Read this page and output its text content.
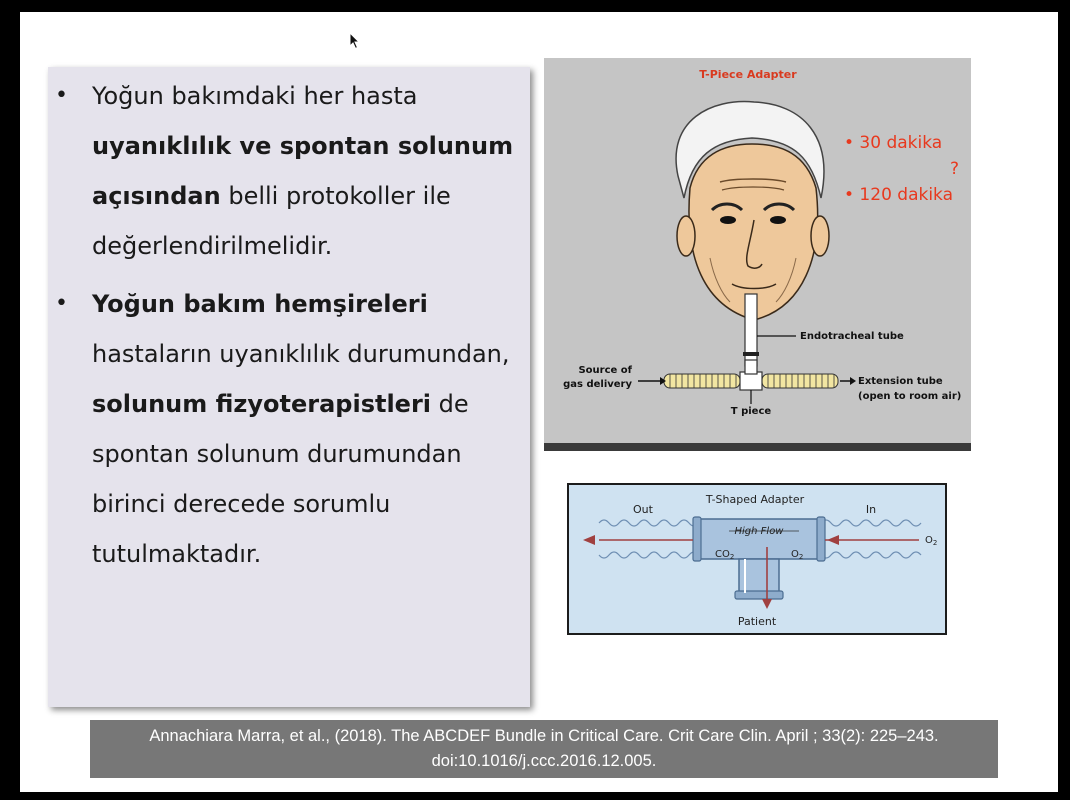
• Yoğun bakımdaki her hasta uyanıklılık ve spontan solunum açısından belli protokoller ile değerlendirilmelidir.
• Yoğun bakım hemşireleri hastaların uyanıklılık durumundan, solunum fizyoterapistleri de spontan solunum durumundan birinci derecede sorumlu tutulmaktadır.
T-Piece Adapter
Endotracheal tube
Source of
gas delivery	Extension tube
(open to room air)
T piece
• 30 dakika
?
• 120 dakika
T-Shaped Adapter
Out	In
High Flow
$CO_2$	$O_2$
$O_2$
Patient
Annachiara Marra, et al., (2018). The ABCDEF Bundle in Critical Care. Crit Care Clin. April ; 33(2): 225–243.
doi:10.1016/j.ccc.2016.12.005.
